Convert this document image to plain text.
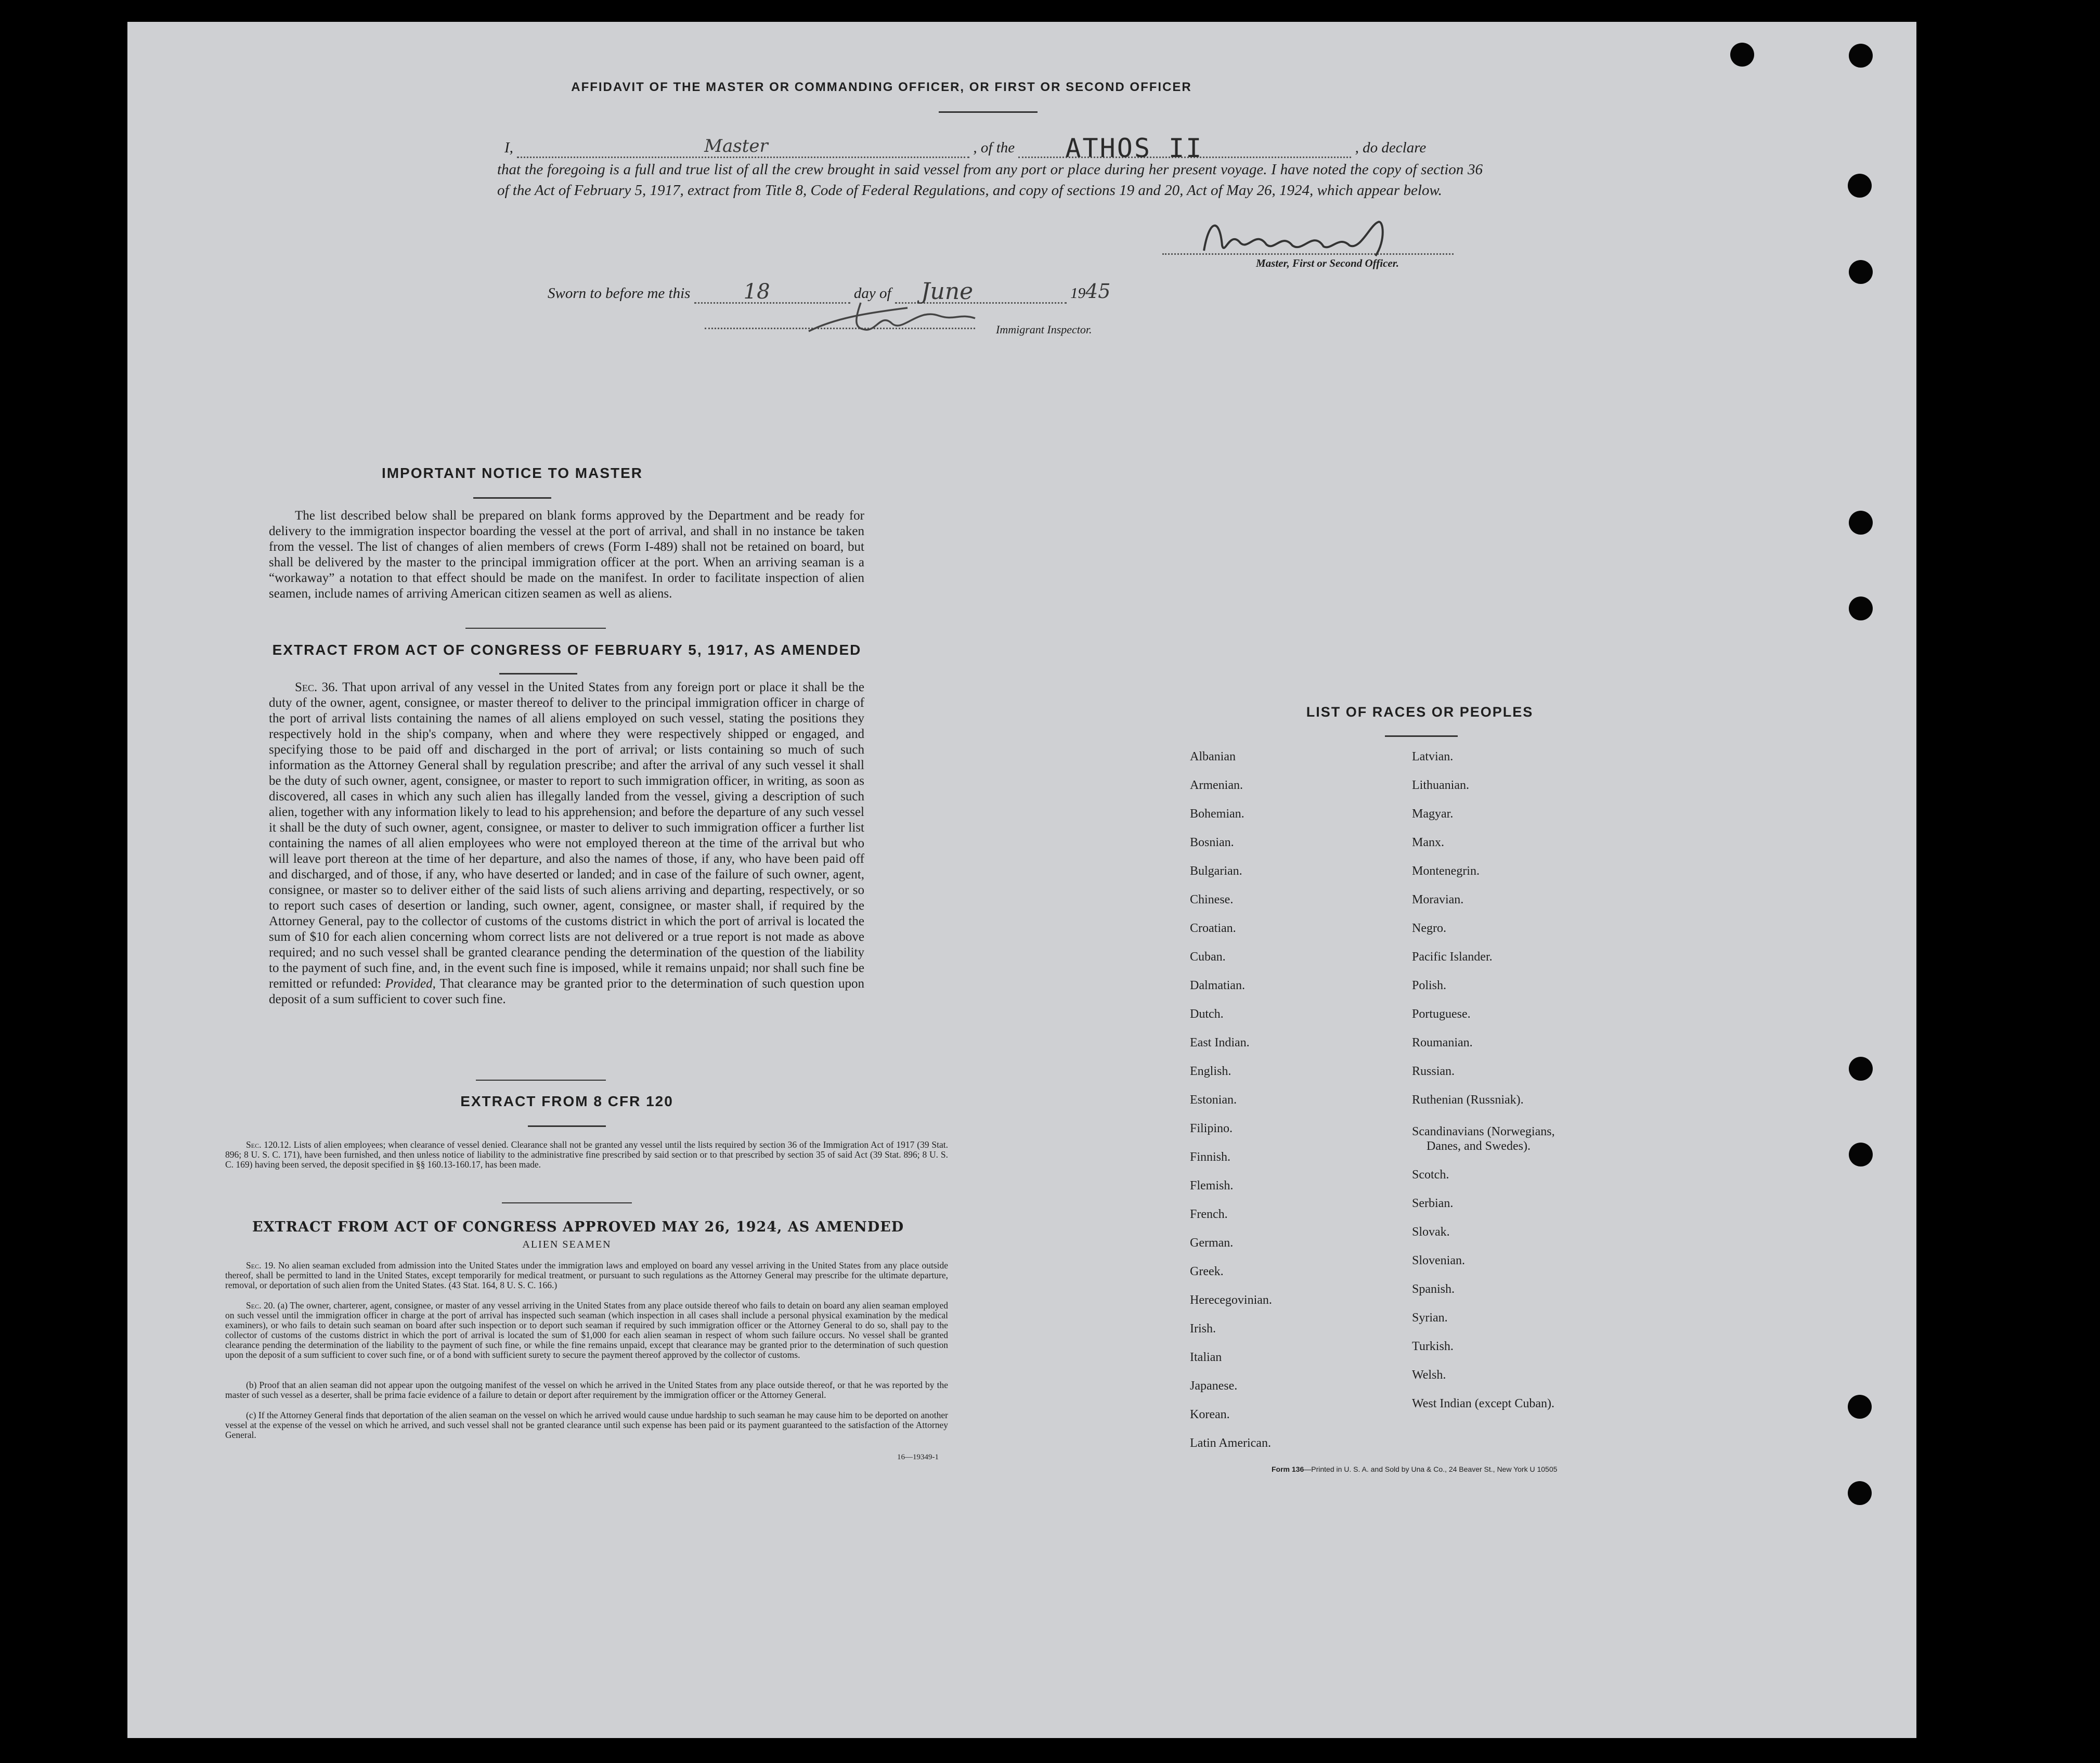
AFFIDAVIT OF THE MASTER OR COMMANDING OFFICER, OR FIRST OR SECOND OFFICER
I,	Master	, of the ATHOS II	, do declare
that the foregoing is a full and true list of all the crew brought in said vessel from any port or place during her present voyage. I have noted the copy of section 36 of the Act of February 5, 1917, extract from Title 8, Code of Federal Regulations, and copy of sections 19 and 20, Act of May 26, 1924, which appear below.
Master, First or Second Officer.
Sworn to before me this	18	day of June	1945
Immigrant Inspector.
IMPORTANT NOTICE TO MASTER
The list described below shall be prepared on blank forms approved by the Department and be ready for delivery to the immigration inspector boarding the vessel at the port of arrival, and shall in no instance be taken from the vessel. The list of changes of alien members of crews (Form I-489) shall not be retained on board, but shall be delivered by the master to the principal immigration officer at the port. When an arriving seaman is a “workaway” a notation to that effect should be made on the manifest. In order to facilitate inspection of alien seamen, include names of arriving American citizen seamen as well as aliens.
EXTRACT FROM ACT OF CONGRESS OF FEBRUARY 5, 1917, AS AMENDED
Sec. 36. That upon arrival of any vessel in the United States from any foreign port or place it shall be the duty of the owner, agent, consignee, or master thereof to deliver to the principal immigration officer in charge of the port of arrival lists containing the names of all aliens employed on such vessel, stating the positions they respectively hold in the ship's company, when and where they were respectively shipped or engaged, and specifying those to be paid off and discharged in the port of arrival; or lists containing so much of such information as the Attorney General shall by regulation prescribe; and after the arrival of any such vessel it shall be the duty of such owner, agent, consignee, or master to report to such immigration officer, in writing, as soon as discovered, all cases in which any such alien has illegally landed from the vessel, giving a description of such alien, together with any information likely to lead to his apprehension; and before the departure of any such vessel it shall be the duty of such owner, agent, consignee, or master to deliver to such immigration officer a further list containing the names of all alien employees who were not employed thereon at the time of the arrival but who will leave port thereon at the time of her departure, and also the names of those, if any, who have been paid off and discharged, and of those, if any, who have deserted or landed; and in case of the failure of such owner, agent, consignee, or master so to deliver either of the said lists of such aliens arriving and departing, respectively, or so to report such cases of desertion or landing, such owner, agent, consignee, or master shall, if required by the Attorney General, pay to the collector of customs of the customs district in which the port of arrival is located the sum of $10 for each alien concerning whom correct lists are not delivered or a true report is not made as above required; and no such vessel shall be granted clearance pending the determination of the question of the liability to the payment of such fine, and, in the event such fine is imposed, while it remains unpaid; nor shall such fine be remitted or refunded: Provided, That clearance may be granted prior to the determination of such question upon deposit of a sum sufficient to cover such fine.
EXTRACT FROM 8 CFR 120
Sec. 120.12. Lists of alien employees; when clearance of vessel denied. Clearance shall not be granted any vessel until the lists required by section 36 of the Immigration Act of 1917 (39 Stat. 896; 8 U. S. C. 171), have been furnished, and then unless notice of liability to the administrative fine prescribed by said section or to that prescribed by section 35 of said Act (39 Stat. 896; 8 U. S. C. 169) having been served, the deposit specified in §§ 160.13-160.17, has been made.
EXTRACT FROM ACT OF CONGRESS APPROVED MAY 26, 1924, AS AMENDED
ALIEN SEAMEN
Sec. 19. No alien seaman excluded from admission into the United States under the immigration laws and employed on board any vessel arriving in the United States from any place outside thereof, shall be permitted to land in the United States, except temporarily for medical treatment, or pursuant to such regulations as the Attorney General may prescribe for the ultimate departure, removal, or deportation of such alien from the United States. (43 Stat. 164, 8 U. S. C. 166.)
Sec. 20. (a) The owner, charterer, agent, consignee, or master of any vessel arriving in the United States from any place outside thereof who fails to detain on board any alien seaman employed on such vessel until the immigration officer in charge at the port of arrival has inspected such seaman (which inspection in all cases shall include a personal physical examination by the medical examiners), or who fails to detain such seaman on board after such inspection or to deport such seaman if required by such immigration officer or the Attorney General to do so, shall pay to the collector of customs of the customs district in which the port of arrival is located the sum of $1,000 for each alien seaman in respect of whom such failure occurs. No vessel shall be granted clearance pending the determination of the liability to the payment of such fine, or while the fine remains unpaid, except that clearance may be granted prior to the determination of such question upon the deposit of a sum sufficient to cover such fine, or of a bond with sufficient surety to secure the payment thereof approved by the collector of customs.
(b) Proof that an alien seaman did not appear upon the outgoing manifest of the vessel on which he arrived in the United States from any place outside thereof, or that he was reported by the master of such vessel as a deserter, shall be prima facie evidence of a failure to detain or deport after requirement by the immigration officer or the Attorney General.
(c) If the Attorney General finds that deportation of the alien seaman on the vessel on which he arrived would cause undue hardship to such seaman he may cause him to be deported on another vessel at the expense of the vessel on which he arrived, and such vessel shall not be granted clearance until such expense has been paid or its payment guaranteed to the satisfaction of the Attorney General.
16—19349-1
LIST OF RACES OR PEOPLES
Form 136—Printed in U. S. A. and Sold by Una & Co., 24 Beaver St., New York U 10505
Albanian
Armenian.
Bohemian.
Bosnian.
Bulgarian.
Chinese.
Croatian.
Cuban.
Dalmatian.
Dutch.
East Indian.
English.
Estonian.
Filipino.
Finnish.
Flemish.
French.
German.
Greek.
Herecegovinian.
Irish.
Italian
Japanese.
Korean.
Latin American.
Latvian.
Lithuanian.
Magyar.
Manx.
Montenegrin.
Moravian.
Negro.
Pacific Islander.
Polish.
Portuguese.
Roumanian.
Russian.
Ruthenian (Russniak).
Scandinavians (Norwegians,
Danes, and Swedes).
Scotch.
Serbian.
Slovak.
Slovenian.
Spanish.
Syrian.
Turkish.
Welsh.
West Indian (except Cuban).
